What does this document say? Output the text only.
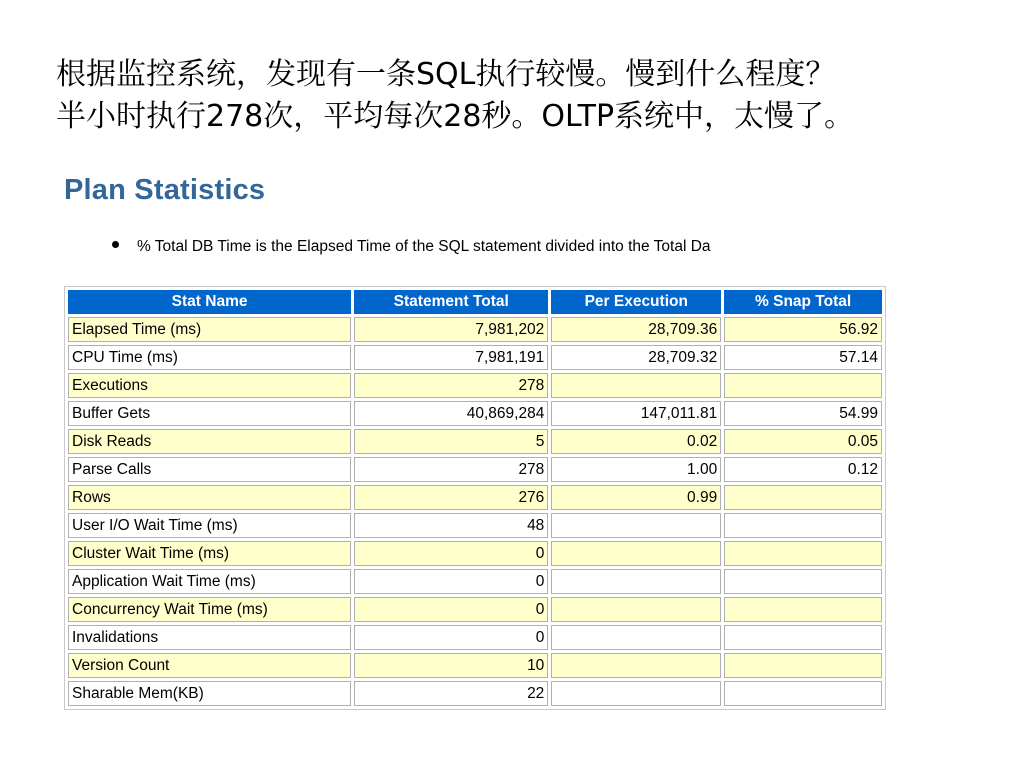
根据监控系统，发现有一条SQL执行较慢。慢到什么程度？
半小时执行278次，平均每次28秒。OLTP系统中，太慢了。
Plan Statistics
% Total DB Time is the Elapsed Time of the SQL statement divided into the Total Da
Stat Name	Statement Total	Per Execution	% Snap Total
Elapsed Time (ms)	7,981,202	28,709.36	56.92
CPU Time (ms)	7,981,191	28,709.32	57.14
Executions	278		
Buffer Gets	40,869,284	147,011.81	54.99
Disk Reads	5	0.02	0.05
Parse Calls	278	1.00	0.12
Rows	276	0.99	
User I/O Wait Time (ms)	48		
Cluster Wait Time (ms)	0		
Application Wait Time (ms)	0		
Concurrency Wait Time (ms)	0		
Invalidations	0		
Version Count	10		
Sharable Mem(KB)	22		
